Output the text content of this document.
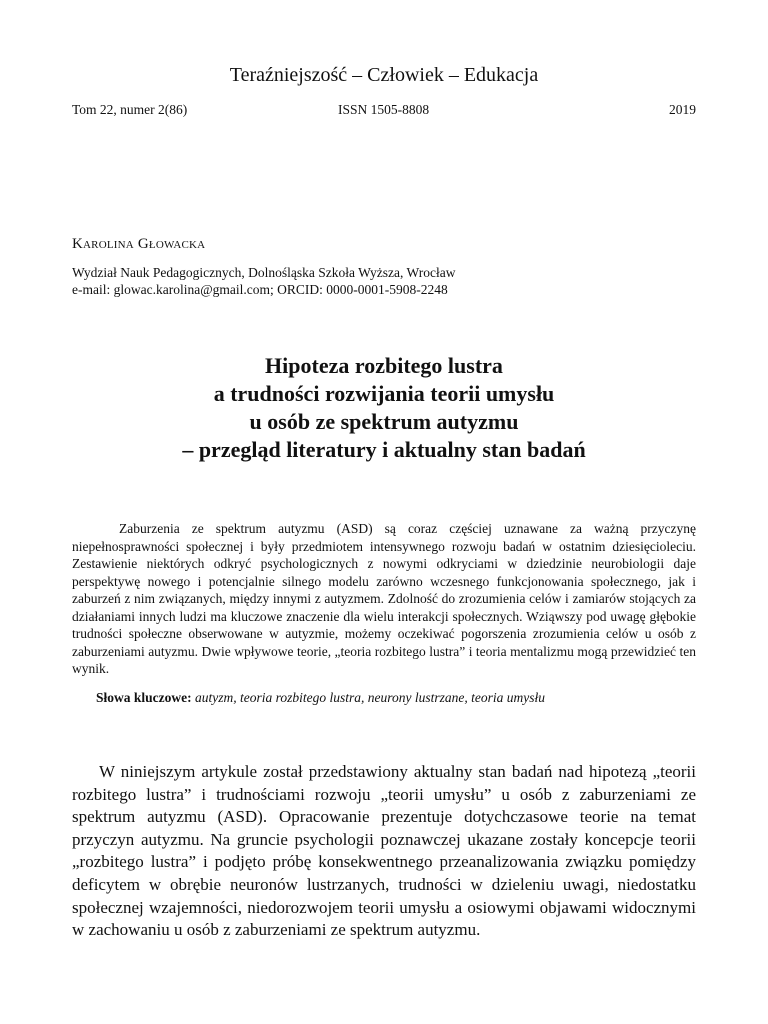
Teraźniejszość – Człowiek – Edukacja
Tom 22, numer 2(86)	ISSN 1505-8808	2019
Karolina Głowacka
Wydział Nauk Pedagogicznych, Dolnośląska Szkoła Wyższa, Wrocław
e-mail: glowac.karolina@gmail.com; ORCID: 0000-0001-5908-2248
Hipoteza rozbitego lustra
a trudności rozwijania teorii umysłu
u osób ze spektrum autyzmu
– przegląd literatury i aktualny stan badań

Zaburzenia ze spektrum autyzmu (ASD) są coraz częściej uznawane za ważną przyczynę niepełnosprawności społecznej i były przedmiotem intensywnego rozwoju badań w ostatnim dziesięcioleciu. Zestawienie niektórych odkryć psychologicznych z nowymi odkryciami w dziedzinie neurobiologii daje perspektywę nowego i potencjalnie silnego modelu zarówno wczesnego funkcjonowania społecznego, jak i zaburzeń z nim związanych, między innymi z autyzmem. Zdolność do zrozumienia celów i zamiarów stojących za działaniami innych ludzi ma kluczowe znaczenie dla wielu interakcji społecznych. Wziąwszy pod uwagę głębokie trudności społeczne obserwowane w autyzmie, możemy oczekiwać pogorszenia zrozumienia celów u osób z zaburzeniami autyzmu. Dwie wpływowe teorie, „teoria rozbitego lustra” i teoria mentalizmu mogą przewidzieć ten wynik.

Słowa kluczowe: autyzm, teoria rozbitego lustra, neurony lustrzane, teoria umysłu

W niniejszym artykule został przedstawiony aktualny stan badań nad hipotezą „teorii rozbitego lustra” i trudnościami rozwoju „teorii umysłu” u osób z zaburzeniami ze spektrum autyzmu (ASD). Opracowanie prezentuje dotychczasowe teorie na temat przyczyn autyzmu. Na gruncie psychologii poznawczej ukazane zostały koncepcje teorii „rozbitego lustra” i podjęto próbę konsekwentnego przeanalizowania związku pomiędzy deficytem w obrębie neuronów lustrzanych, trudności w dzieleniu uwagi, niedostatku społecznej wzajemności, niedorozwojem teorii umysłu a osiowymi objawami widocznymi w zachowaniu u osób z zaburzeniami ze spektrum autyzmu.
